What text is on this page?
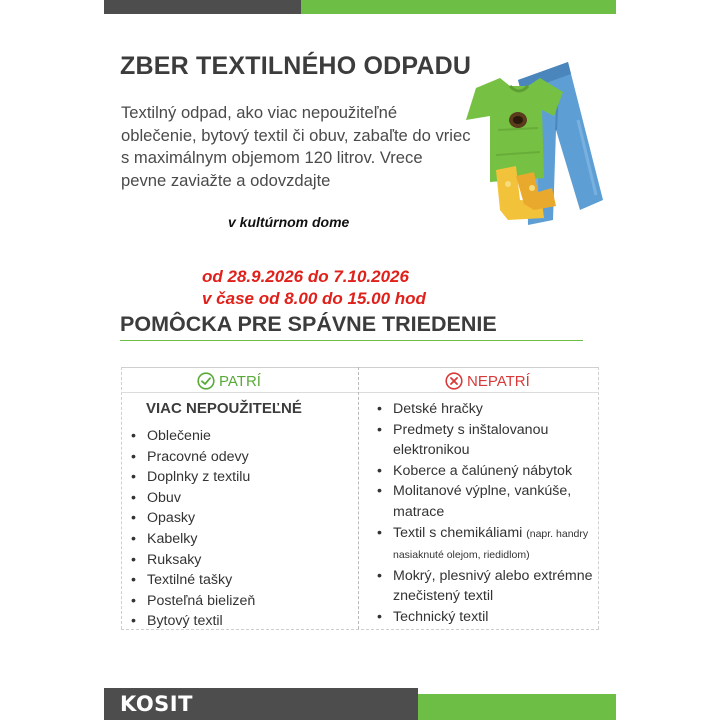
ZBER TEXTILNÉHO ODPADU

Textilný odpad, ako viac nepoužiteľné oblečenie, bytový textil či obuv, zabaľte do vriec s maximálnym objemom 120 litrov. Vrece pevne zaviažte a odovzdajte

v kultúrnom dome
od 28.9.2026 do 7.10.2026
v čase od 8.00 do 15.00 hod
POMÔCKA PRE SPÁVNE TRIEDENIE
PATRÍ	NEPATRÍ
VIAC NEPOUŽITEĽNÉ
• Oblečenie
• Pracovné odevy
• Doplnky z textilu
• Obuv
• Opasky
• Kabelky
• Ruksaky
• Textilné tašky
• Posteľná bielizeň
• Bytový textil
• Detské hračky
• Predmety s inštalovanou elektronikou
• Koberce a čalúnený nábytok
• Molitanové výplne, vankúše, matrace
• Textil s chemikáliami (napr. handry nasiaknuté olejom, riedidlom)
• Mokrý, plesnivý alebo extrémne znečistený textil
• Technický textil
KOSIT
